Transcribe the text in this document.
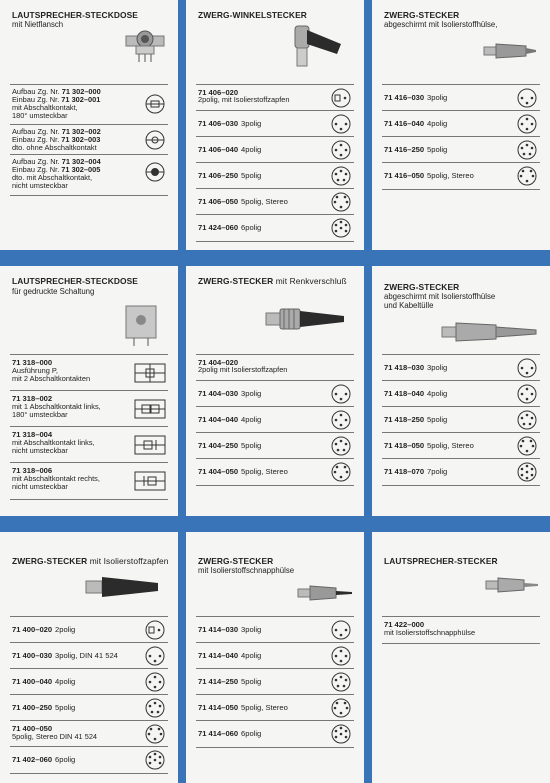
LAUTSPRECHER-STECKDOSE
mit Nietflansch
Aufbau Zg. Nr. 71 302–000
Einbau Zg. Nr. 71 302–001
mit Abschaltkontakt,
180° umsteckbar
Aufbau Zg. Nr. 71 302–002
Einbau Zg. Nr. 71 302–003
dto. ohne Abschaltkontakt
Aufbau Zg. Nr. 71 302–004
Einbau Zg. Nr. 71 302–005
dto. mit Abschaltkontakt,
nicht umsteckbar
ZWERG-WINKELSTECKER
71 406–020
2polig, mit Isolierstoffzapfen
71 406–030 3polig
71 406–040 4polig
71 406–250 5polig
71 406–050 5polig, Stereo
71 424–060 6polig
ZWERG-STECKER
abgeschirmt mit Isolierstoffhülse,
71 416–030 3polig
71 416–040 4polig
71 416–250 5polig
71 416–050 5polig, Stereo
LAUTSPRECHER-STECKDOSE
für gedruckte Schaltung
71 318–000
Ausführung P,
mit 2 Abschaltkontakten
71 318–002
mit 1 Abschaltkontakt links,
180° umsteckbar
71 318–004
mit Abschaltkontakt links,
nicht umsteckbar
71 318–006
mit Abschaltkontakt rechts,
nicht umsteckbar
ZWERG-STECKER mit Renkverschluß
71 404–020
2polig mit Isolierstoffzapfen
71 404–030 3polig
71 404–040 4polig
71 404–250 5polig
71 404–050 5polig, Stereo
ZWERG-STECKER
abgeschirmt mit Isolierstoffhülse
und Kabeltülle
71 418–030 3polig
71 418–040 4polig
71 418–250 5polig
71 418–050 5polig, Stereo
71 418–070 7polig
ZWERG-STECKER mit Isolierstoffzapfen
71 400–020 2polig
71 400–030 3polig, DIN 41 524
71 400–040 4polig
71 400–250 5polig
71 400–050
5polig, Stereo DIN 41 524
71 402–060 6polig
ZWERG-STECKER
mit Isolierstoffschnapphülse
71 414–030 3polig
71 414–040 4polig
71 414–250 5polig
71 414–050 5polig, Stereo
71 414–060 6polig
LAUTSPRECHER-STECKER
71 422–000
mit Isolierstoffschnapphülse
